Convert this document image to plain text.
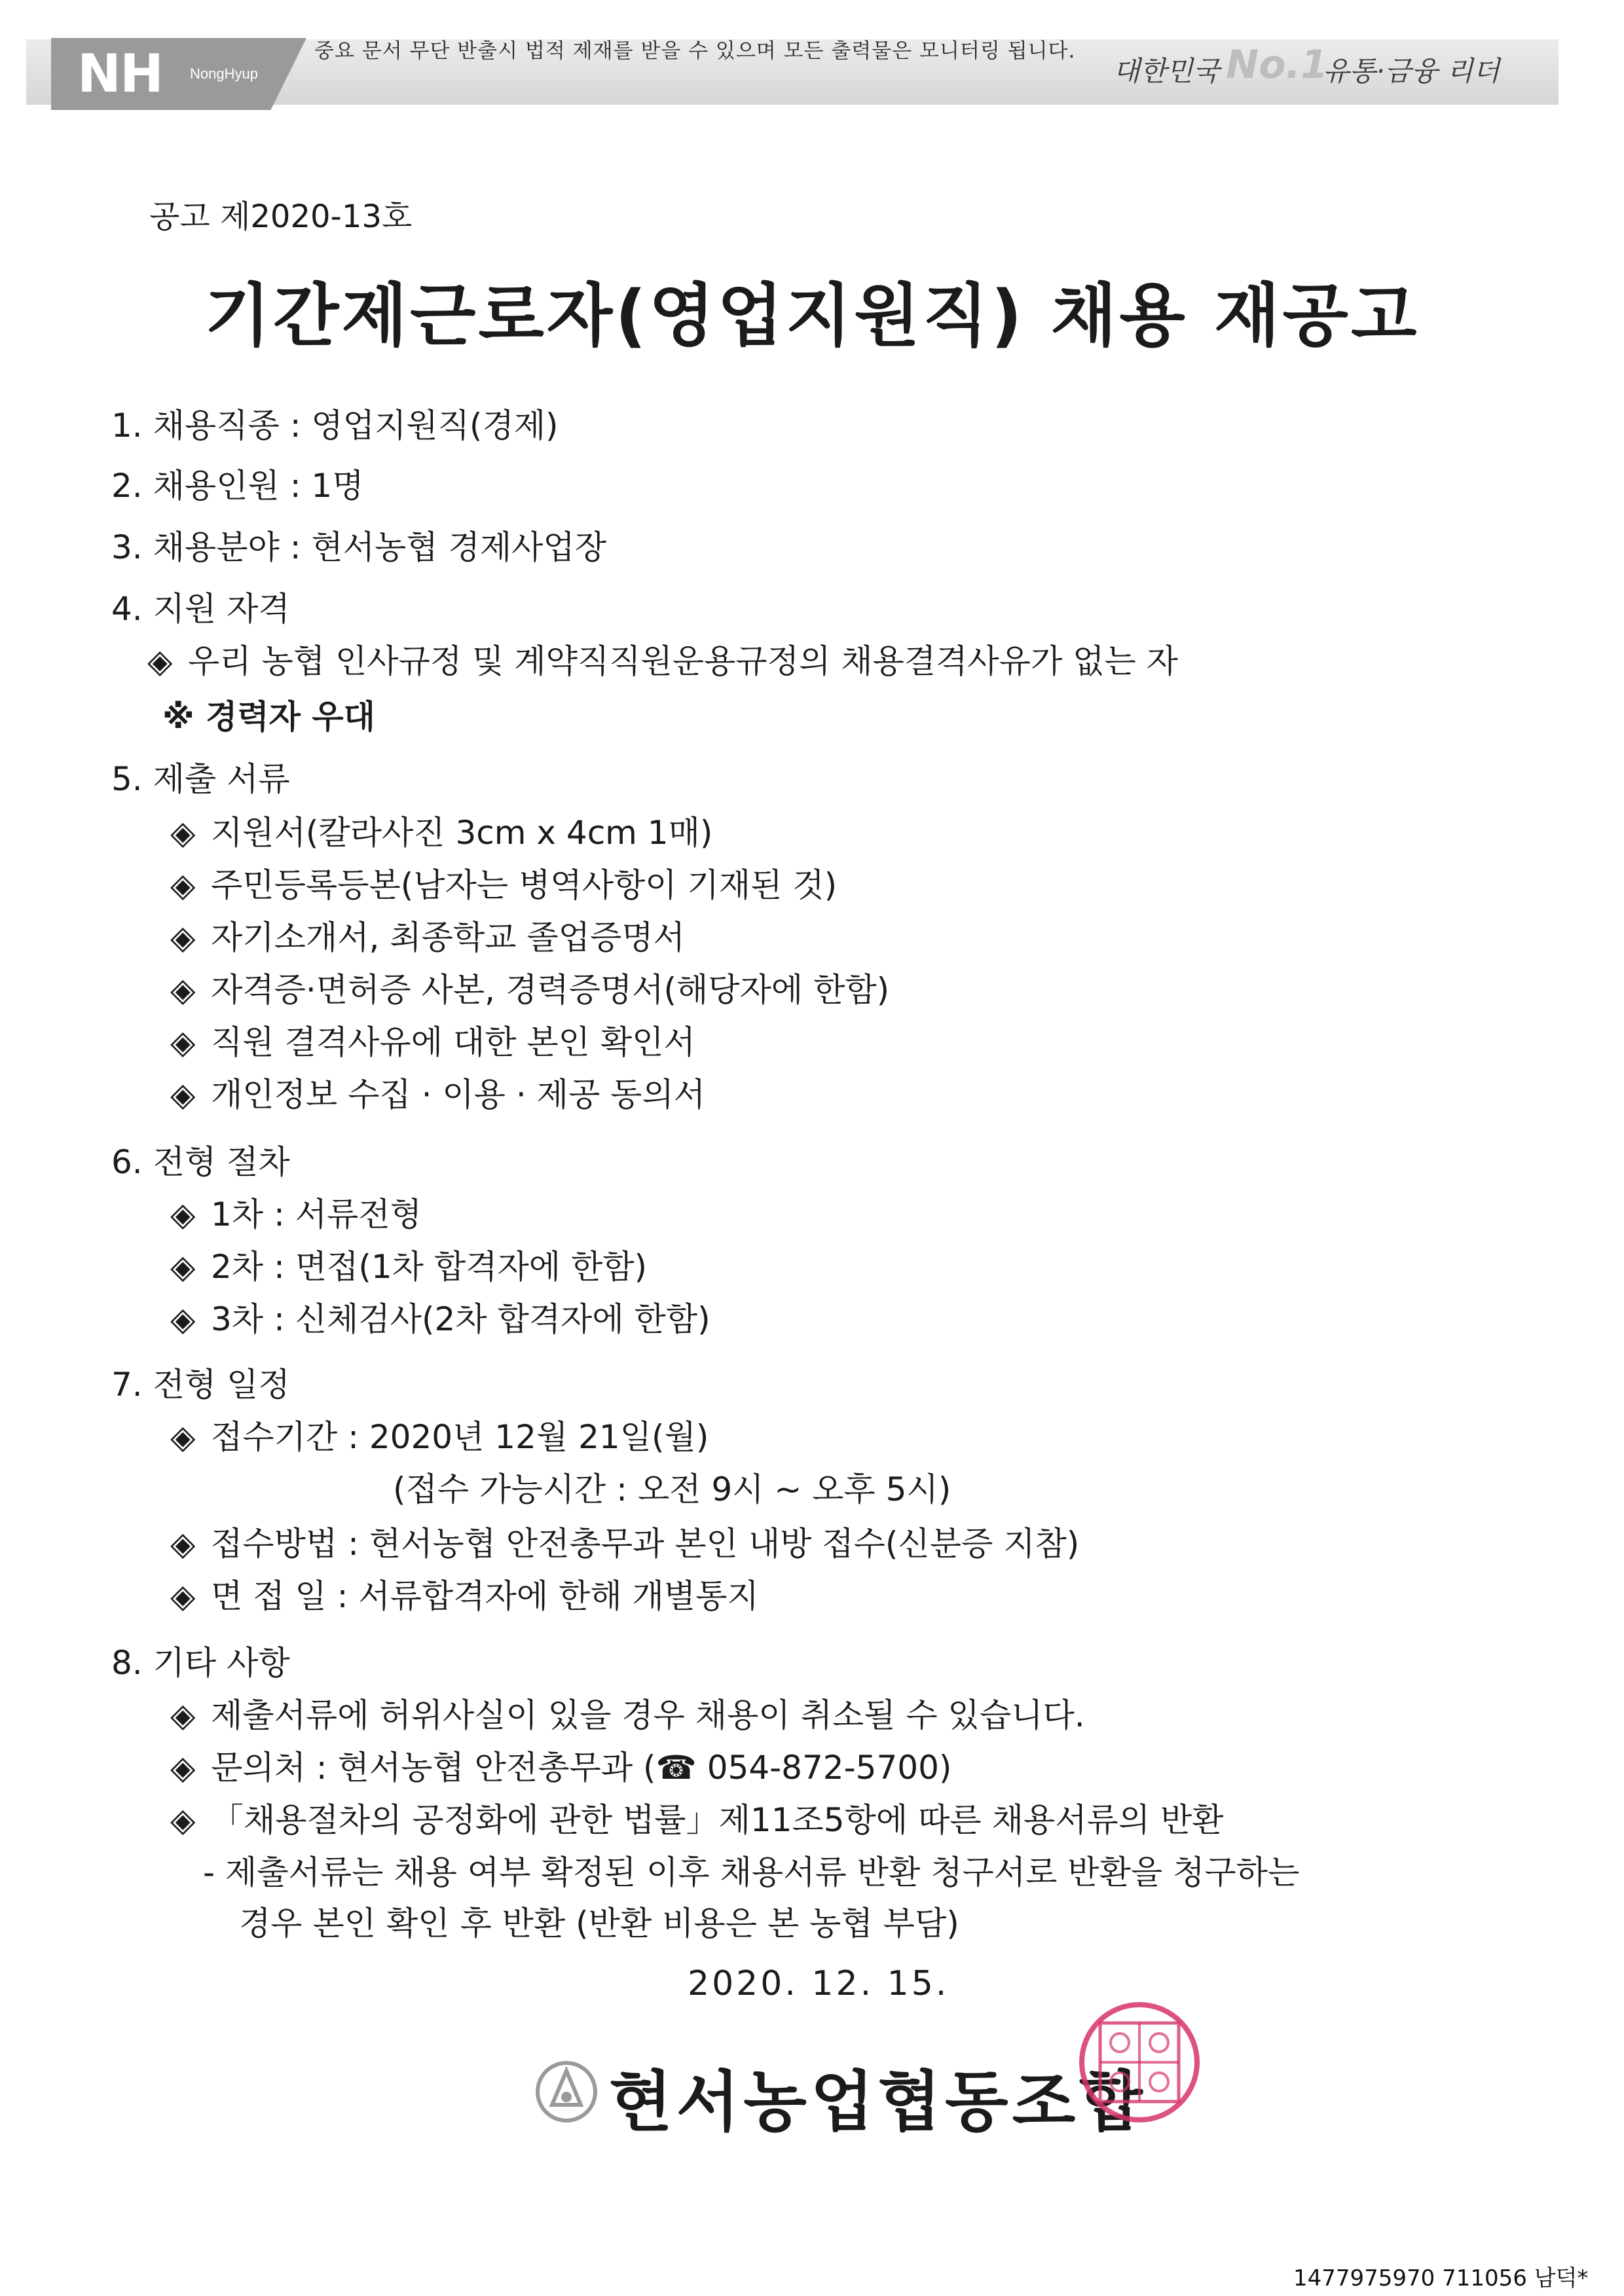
NH NongHyup
중요 문서 무단 반출시 법적 제재를 받을 수 있으며 모든 출력물은 모니터링 됩니다.
대한민국 No.1
유통·금융 리더
공고 제2020-13호
기간제근로자(영업지원직) 채용 재공고
1. 채용직종 : 영업지원직(경제)
2. 채용인원 : 1명
3. 채용분야 : 현서농협 경제사업장
4. 지원 자격
◈ 우리 농협 인사규정 및 계약직직원운용규정의 채용결격사유가 없는 자
※ 경력자 우대
5. 제출 서류
◈ 지원서(칼라사진 3cm x 4cm 1매)
◈ 주민등록등본(남자는 병역사항이 기재된 것)
◈ 자기소개서, 최종학교 졸업증명서
◈ 자격증·면허증 사본, 경력증명서(해당자에 한함)
◈ 직원 결격사유에 대한 본인 확인서
◈ 개인정보 수집 · 이용 · 제공 동의서
6. 전형 절차
◈ 1차 : 서류전형
◈ 2차 : 면접(1차 합격자에 한함)
◈ 3차 : 신체검사(2차 합격자에 한함)
7. 전형 일정
◈ 접수기간 : 2020년 12월 21일(월)
(접수 가능시간 : 오전 9시 ~ 오후 5시)
◈ 접수방법 : 현서농협 안전총무과 본인 내방 접수(신분증 지참)
◈ 면 접 일 : 서류합격자에 한해 개별통지
8. 기타 사항
◈ 제출서류에 허위사실이 있을 경우 채용이 취소될 수 있습니다.
◈ 문의처 : 현서농협 안전총무과 (☎ 054-872-5700)
◈ 「채용절차의 공정화에 관한 법률」제11조5항에 따른 채용서류의 반환
- 제출서류는 채용 여부 확정된 이후 채용서류 반환 청구서로 반환을 청구하는
경우 본인 확인 후 반환 (반환 비용은 본 농협 부담)
2020. 12. 15.
현서농업협동조합
1477975970 711056 남덕*
